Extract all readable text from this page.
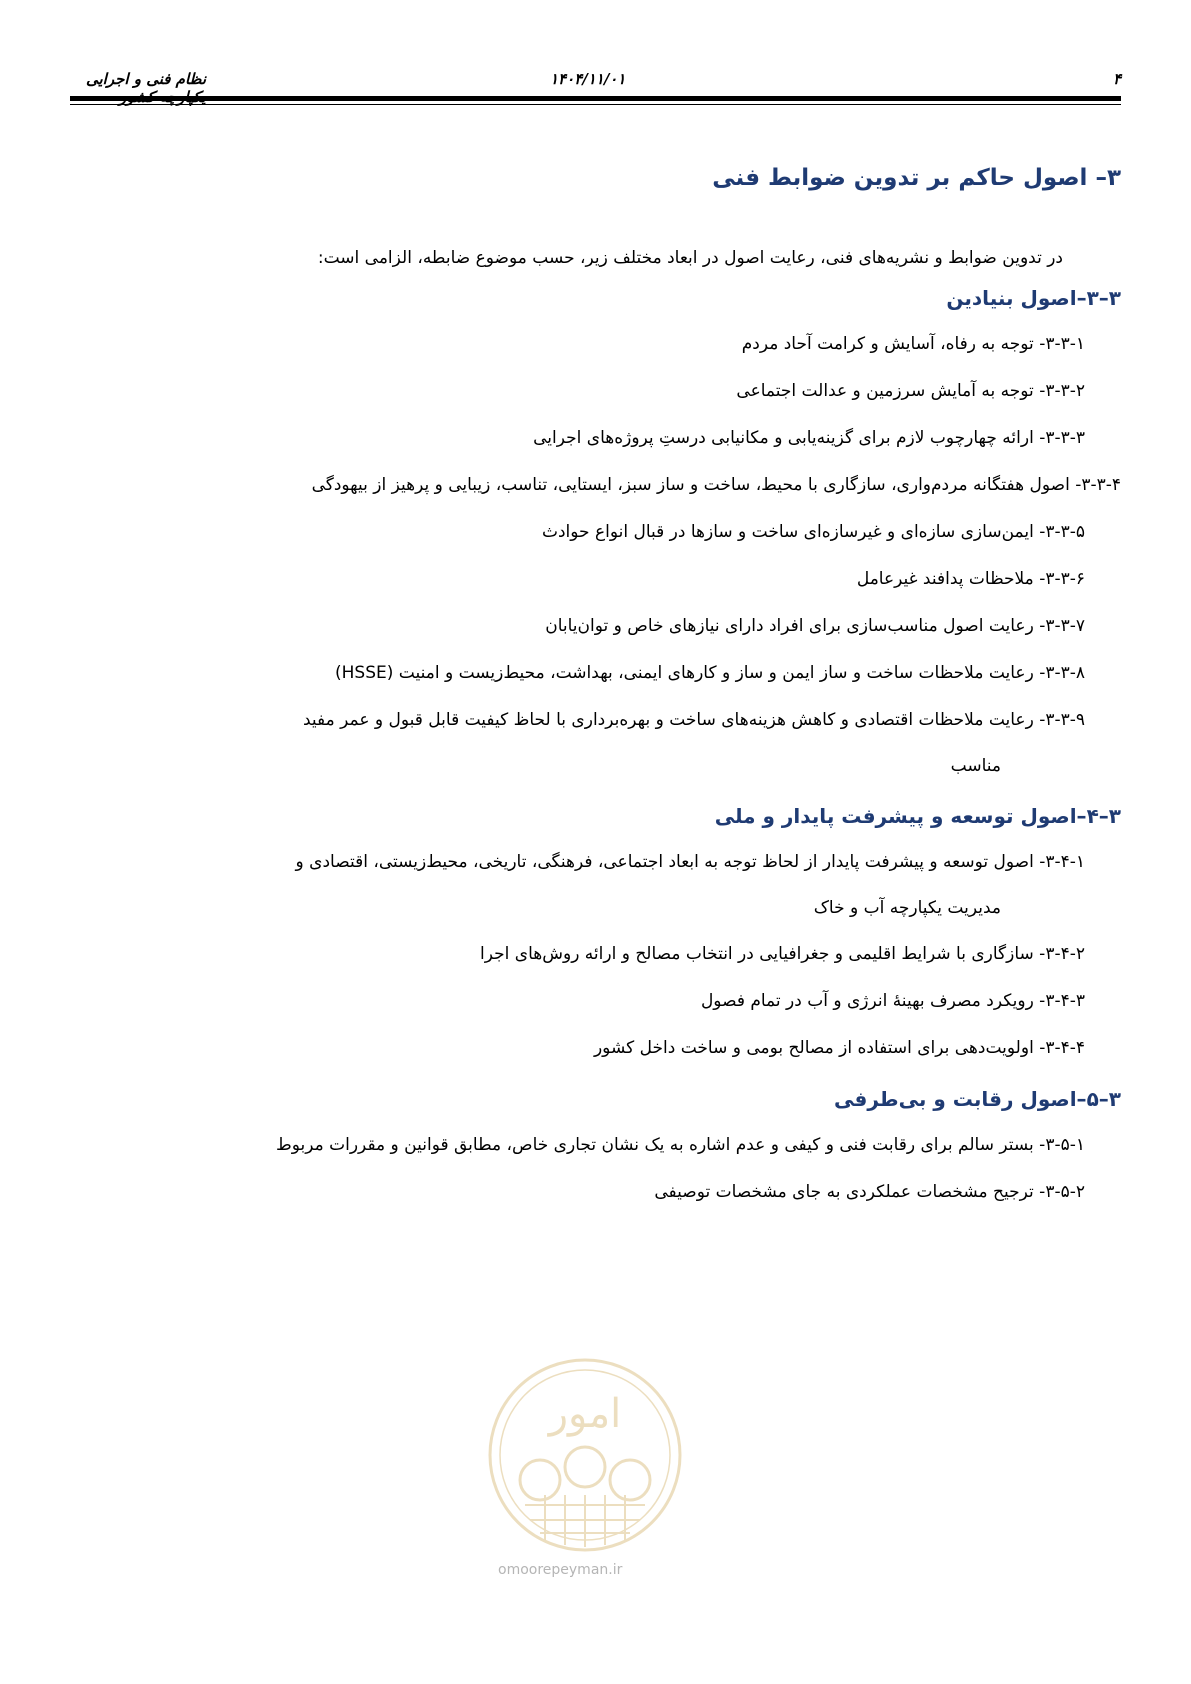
نظام فنی و اجرایی	۱۴۰۴/۱۱/۰۱	۴
۳– اصول حاکم بر تدوین ضوابط فنی

در تدوین ضوابط و نشریه‌های فنی، رعایت اصول در ابعاد مختلف زیر، حسب موضوع ضابطه، الزامی است:

۳–۳–اصول بنیادین
۳-۳-۱- توجه به رفاه، آسایش و کرامت آحاد مردم
۳-۳-۲- توجه به آمایش سرزمین و عدالت اجتماعی
۳-۳-۳- ارائه چهارچوب لازم برای گزینه‌یابی و مکانیابی درستِ پروژه‌های اجرایی
۳-۳-۴- اصول هفتگانه مردم‌واری، سازگاری با محیط، ساخت و ساز سبز، ایستایی، تناسب، زیبایی و پرهیز از بیهودگی
۳-۳-۵- ایمن‌سازی سازه‌ای و غیرسازه‌ای ساخت و سازها در قبال انواع حوادث
۳-۳-۶- ملاحظات پدافند غیرعامل
۳-۳-۷- رعایت اصول مناسب‌سازی برای افراد دارای نیازهای خاص و توان‌یابان
۳-۳-۸- رعایت ملاحظات ساخت و ساز ایمن و ساز و کارهای ایمنی، بهداشت، محیط‌زیست و امنیت (HSSE)
۳-۳-۹- رعایت ملاحظات اقتصادی و کاهش هزینه‌های ساخت و بهره‌برداری با لحاظ کیفیت قابل قبول و عمر مفید
مناسب
۳–۴–اصول توسعه و پیشرفت پایدار و ملی
۳-۴-۱- اصول توسعه و پیشرفت پایدار از لحاظ توجه به ابعاد اجتماعی، فرهنگی، تاریخی، محیط‌زیستی، اقتصادی و
مدیریت یکپارچه آب و خاک
۳-۴-۲- سازگاری با شرایط اقلیمی و جغرافیایی در انتخاب مصالح و ارائه روش‌های اجرا
۳-۴-۳- رویکرد مصرف بهینهٔ انرژی و آب در تمام فصول
۳-۴-۴- اولویت‌دهی برای استفاده از مصالح بومی و ساخت داخل کشور
۳–۵–اصول رقابت و بی‌طرفی
۳-۵-۱- بستر سالم برای رقابت فنی و کیفی و عدم اشاره به یک نشان تجاری خاص، مطابق قوانین و مقررات مربوط
۳-۵-۲- ترجیح مشخصات عملکردی به جای مشخصات توصیفی
امور
omoorepeyman.ir
